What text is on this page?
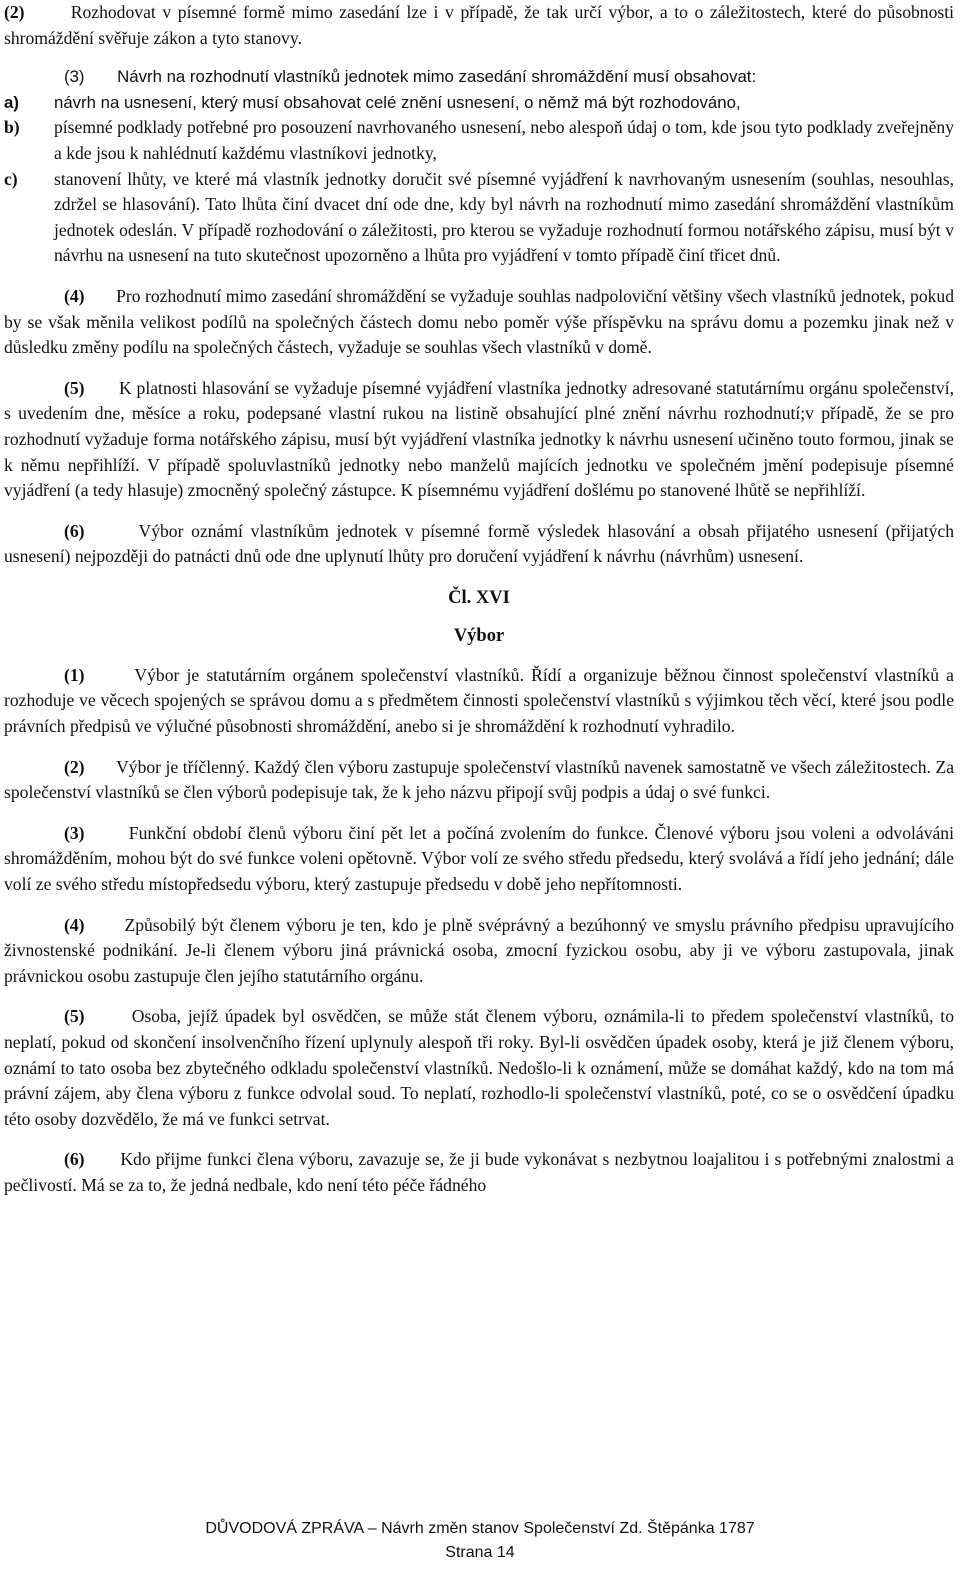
(2)	Rozhodovat v písemné formě mimo zasedání lze i v případě, že tak určí výbor, a to o záležitostech, které do působnosti shromáždění svěřuje zákon a tyto stanovy.

(3) Návrh na rozhodnutí vlastníků jednotek mimo zasedání shromáždění musí obsahovat:

a)	návrh na usnesení, který musí obsahovat celé znění usnesení, o němž má být rozhodováno,
b)	písemné podklady potřebné pro posouzení navrhovaného usnesení, nebo alespoň údaj o tom, kde jsou tyto podklady zveřejněny a kde jsou k nahlédnutí každému vlastníkovi jednotky,
c)	stanovení lhůty, ve které má vlastník jednotky doručit své písemné vyjádření k navrhovaným usnesením (souhlas, nesouhlas, zdržel se hlasování). Tato lhůta činí dvacet dní ode dne, kdy byl návrh na rozhodnutí mimo zasedání shromáždění vlastníkům jednotek odeslán. V případě rozhodování o záležitosti, pro kterou se vyžaduje rozhodnutí formou notářského zápisu, musí být v návrhu na usnesení na tuto skutečnost upozorněno a lhůta pro vyjádření v tomto případě činí třicet dnů.

(4) Pro rozhodnutí mimo zasedání shromáždění se vyžaduje souhlas nadpoloviční většiny všech vlastníků jednotek, pokud by se však měnila velikost podílů na společných částech domu nebo poměr výše příspěvku na správu domu a pozemku jinak než v důsledku změny podílu na společných částech, vyžaduje se souhlas všech vlastníků v domě.

(5) K platnosti hlasování se vyžaduje písemné vyjádření vlastníka jednotky adresované statutárnímu orgánu společenství, s uvedením dne, měsíce a roku, podepsané vlastní rukou na listině obsahující plné znění návrhu rozhodnutí;v případě, že se pro rozhodnutí vyžaduje forma notářského zápisu, musí být vyjádření vlastníka jednotky k návrhu usnesení učiněno touto formou, jinak se k němu nepřihlíží. V případě spoluvlastníků jednotky nebo manželů majících jednotku ve společném jmění podepisuje písemné vyjádření (a tedy hlasuje) zmocněný společný zástupce. K písemnému vyjádření došlému po stanovené lhůtě se nepřihlíží.

(6)	Výbor oznámí vlastníkům jednotek v písemné formě výsledek hlasování a obsah přijatého usnesení (přijatých usnesení) nejpozději do patnácti dnů ode dne uplynutí lhůty pro doručení vyjádření k návrhu (návrhům) usnesení.

Čl. XVI

Výbor

(1)	Výbor je statutárním orgánem společenství vlastníků. Řídí a organizuje běžnou činnost společenství vlastníků a rozhoduje ve věcech spojených se správou domu a s předmětem činnosti společenství vlastníků s výjimkou těch věcí, které jsou podle právních předpisů ve výlučné působnosti shromáždění, anebo si je shromáždění k rozhodnutí vyhradilo.

(2) Výbor je tříčlenný. Každý člen výboru zastupuje společenství vlastníků navenek samostatně ve všech záležitostech. Za společenství vlastníků se člen výborů podepisuje tak, že k jeho názvu připojí svůj podpis a údaj o své funkci.

(3)	Funkční období členů výboru činí pět let a počíná zvolením do funkce. Členové výboru jsou voleni a odvoláváni shromážděním, mohou být do své funkce voleni opětovně. Výbor volí ze svého středu předsedu, který svolává a řídí jeho jednání; dále volí ze svého středu místopředsedu výboru, který zastupuje předsedu v době jeho nepřítomnosti.

(4) Způsobilý být členem výboru je ten, kdo je plně svéprávný a bezúhonný ve smyslu právního předpisu upravujícího živnostenské podnikání. Je-li členem výboru jiná právnická osoba, zmocní fyzickou osobu, aby ji ve výboru zastupovala, jinak právnickou osobu zastupuje člen jejího statutárního orgánu.

(5)	Osoba, jejíž úpadek byl osvědčen, se může stát členem výboru, oznámila-li to předem společenství vlastníků, to neplatí, pokud od skončení insolvenčního řízení uplynuly alespoň tři roky. Byl-li osvědčen úpadek osoby, která je již členem výboru, oznámí to tato osoba bez zbytečného odkladu společenství vlastníků. Nedošlo-li k oznámení, může se domáhat každý, kdo na tom má právní zájem, aby člena výboru z funkce odvolal soud. To neplatí, rozhodlo-li společenství vlastníků, poté, co se o osvědčení úpadku této osoby dozvědělo, že má ve funkci setrvat.

(6) Kdo přijme funkci člena výboru, zavazuje se, že ji bude vykonávat s nezbytnou loajalitou i s potřebnými znalostmi a pečlivostí. Má se za to, že jedná nedbale, kdo není této péče řádného

DŮVODOVÁ ZPRÁVA – Návrh změn stanov Společenství Zd. Štěpánka 1787
Strana 14
